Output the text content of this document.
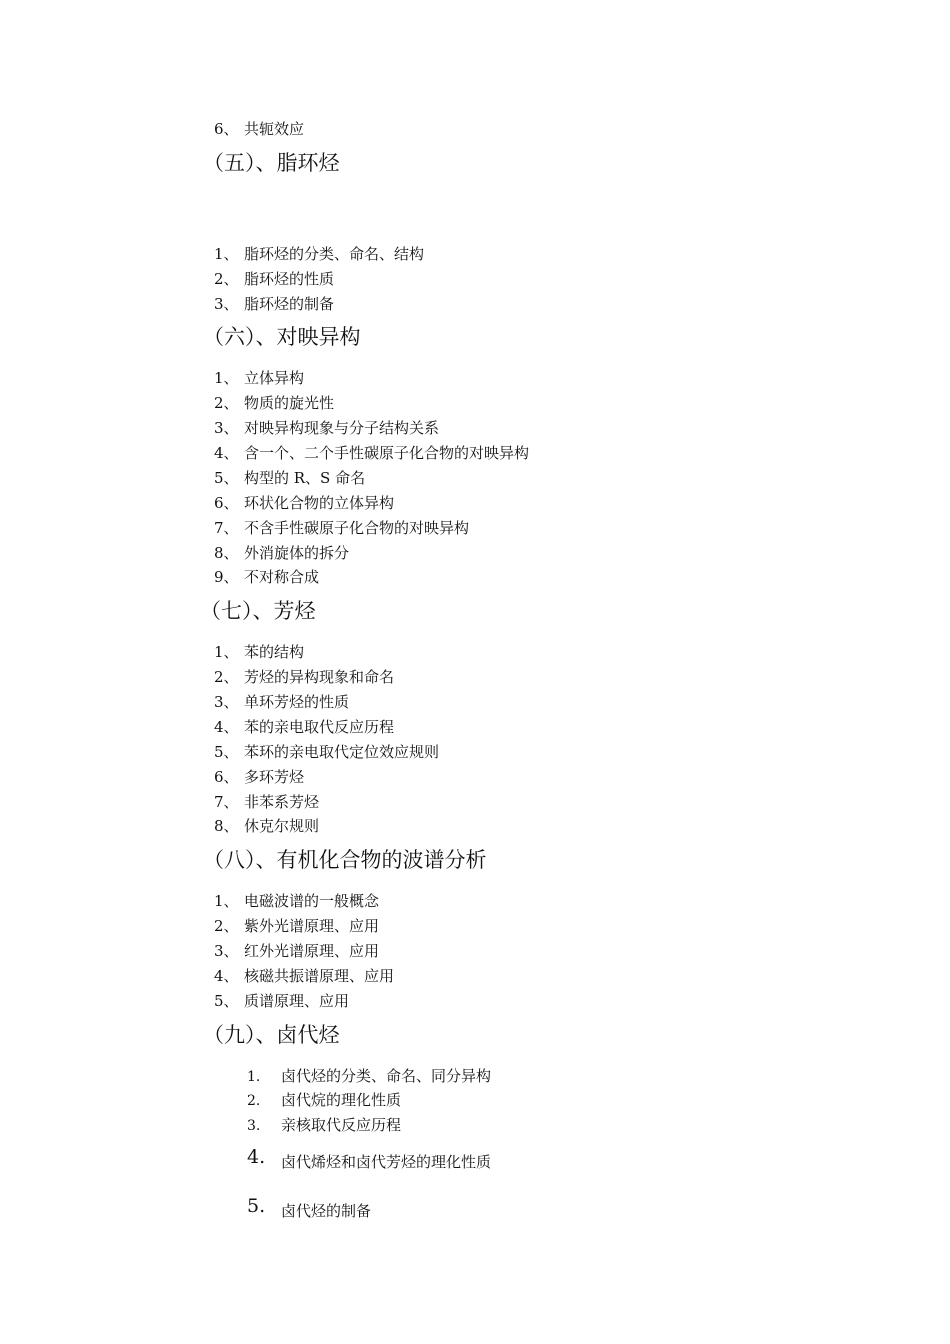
6、 共轭效应
（五）、脂环烃
1、 脂环烃的分类、命名、结构
2、 脂环烃的性质
3、 脂环烃的制备
（六）、对映异构
1、 立体异构
2、 物质的旋光性
3、 对映异构现象与分子结构关系
4、 含一个、二个手性碳原子化合物的对映异构
5、 构型的 R、S 命名
6、 环状化合物的立体异构
7、 不含手性碳原子化合物的对映异构
8、 外消旋体的拆分
9、 不对称合成
（七）、芳烃
1、 苯的结构
2、 芳烃的异构现象和命名
3、 单环芳烃的性质
4、 苯的亲电取代反应历程
5、 苯环的亲电取代定位效应规则
6、 多环芳烃
7、 非苯系芳烃
8、 休克尔规则
（八）、有机化合物的波谱分析
1、 电磁波谱的一般概念
2、 紫外光谱原理、应用
3、 红外光谱原理、应用
4、 核磁共振谱原理、应用
5、 质谱原理、应用
（九）、卤代烃
1. 卤代烃的分类、命名、同分异构
2. 卤代烷的理化性质
3. 亲核取代反应历程
4. 卤代烯烃和卤代芳烃的理化性质
5. 卤代烃的制备
